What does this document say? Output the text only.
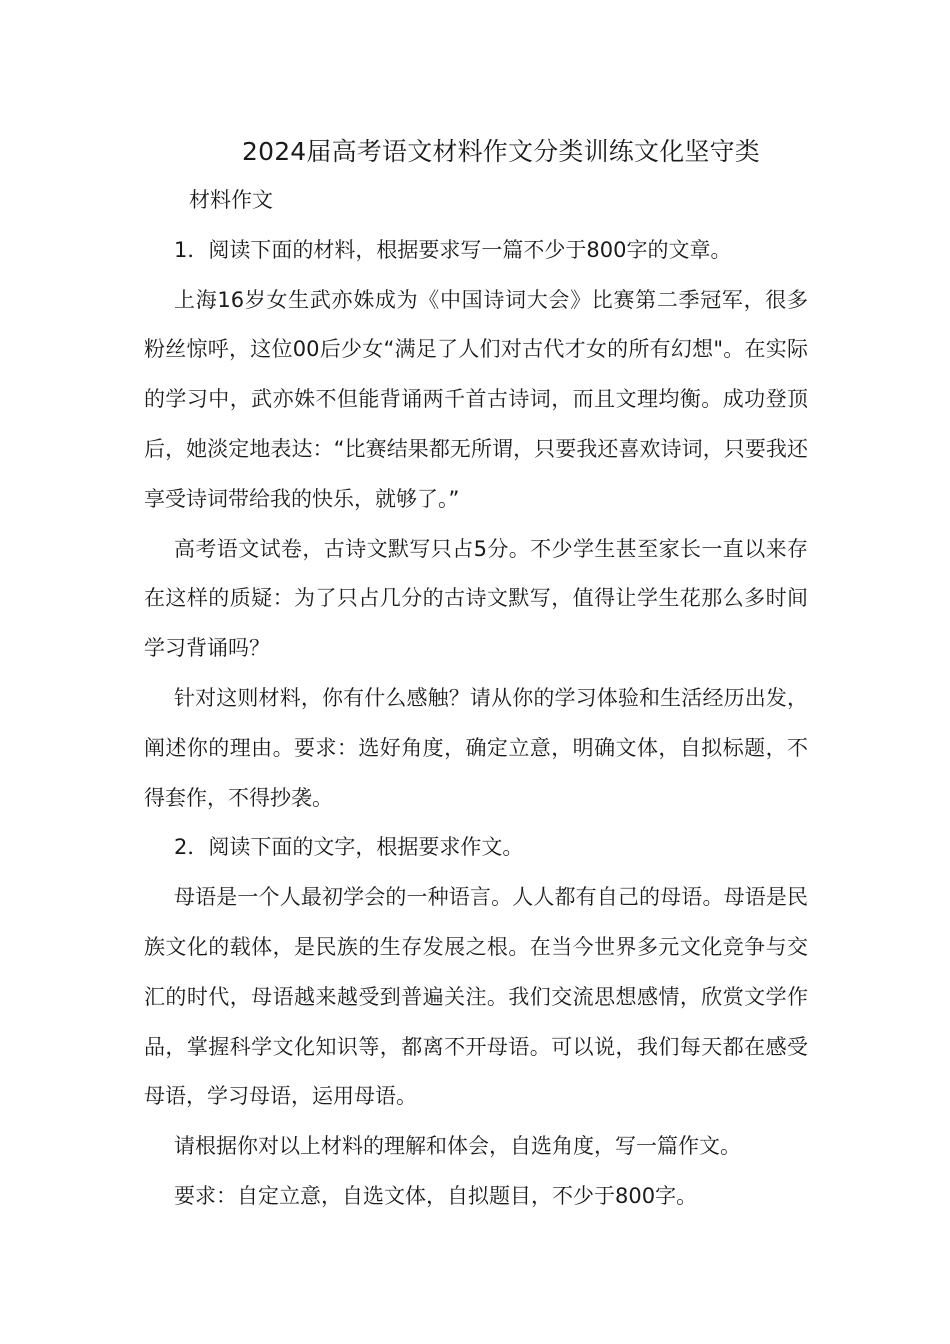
2024届高考语文材料作文分类训练文化坚守类

材料作文

1．阅读下面的材料，根据要求写一篇不少于800字的文章。

上海16岁女生武亦姝成为《中国诗词大会》比赛第二季冠军，很多粉丝惊呼，这位00后少女“满足了人们对古代才女的所有幻想"。在实际的学习中，武亦姝不但能背诵两千首古诗词，而且文理均衡。成功登顶后，她淡定地表达：“比赛结果都无所谓，只要我还喜欢诗词，只要我还享受诗词带给我的快乐，就够了。”

高考语文试卷，古诗文默写只占5分。不少学生甚至家长一直以来存在这样的质疑：为了只占几分的古诗文默写，值得让学生花那么多时间学习背诵吗？

针对这则材料，你有什么感触？请从你的学习体验和生活经历出发，阐述你的理由。要求：选好角度，确定立意，明确文体，自拟标题，不得套作，不得抄袭。

2．阅读下面的文字，根据要求作文。

母语是一个人最初学会的一种语言。人人都有自己的母语。母语是民族文化的载体，是民族的生存发展之根。在当今世界多元文化竞争与交汇的时代，母语越来越受到普遍关注。我们交流思想感情，欣赏文学作品，掌握科学文化知识等，都离不开母语。可以说，我们每天都在感受母语，学习母语，运用母语。

请根据你对以上材料的理解和体会，自选角度，写一篇作文。

要求：自定立意，自选文体，自拟题目，不少于800字。
